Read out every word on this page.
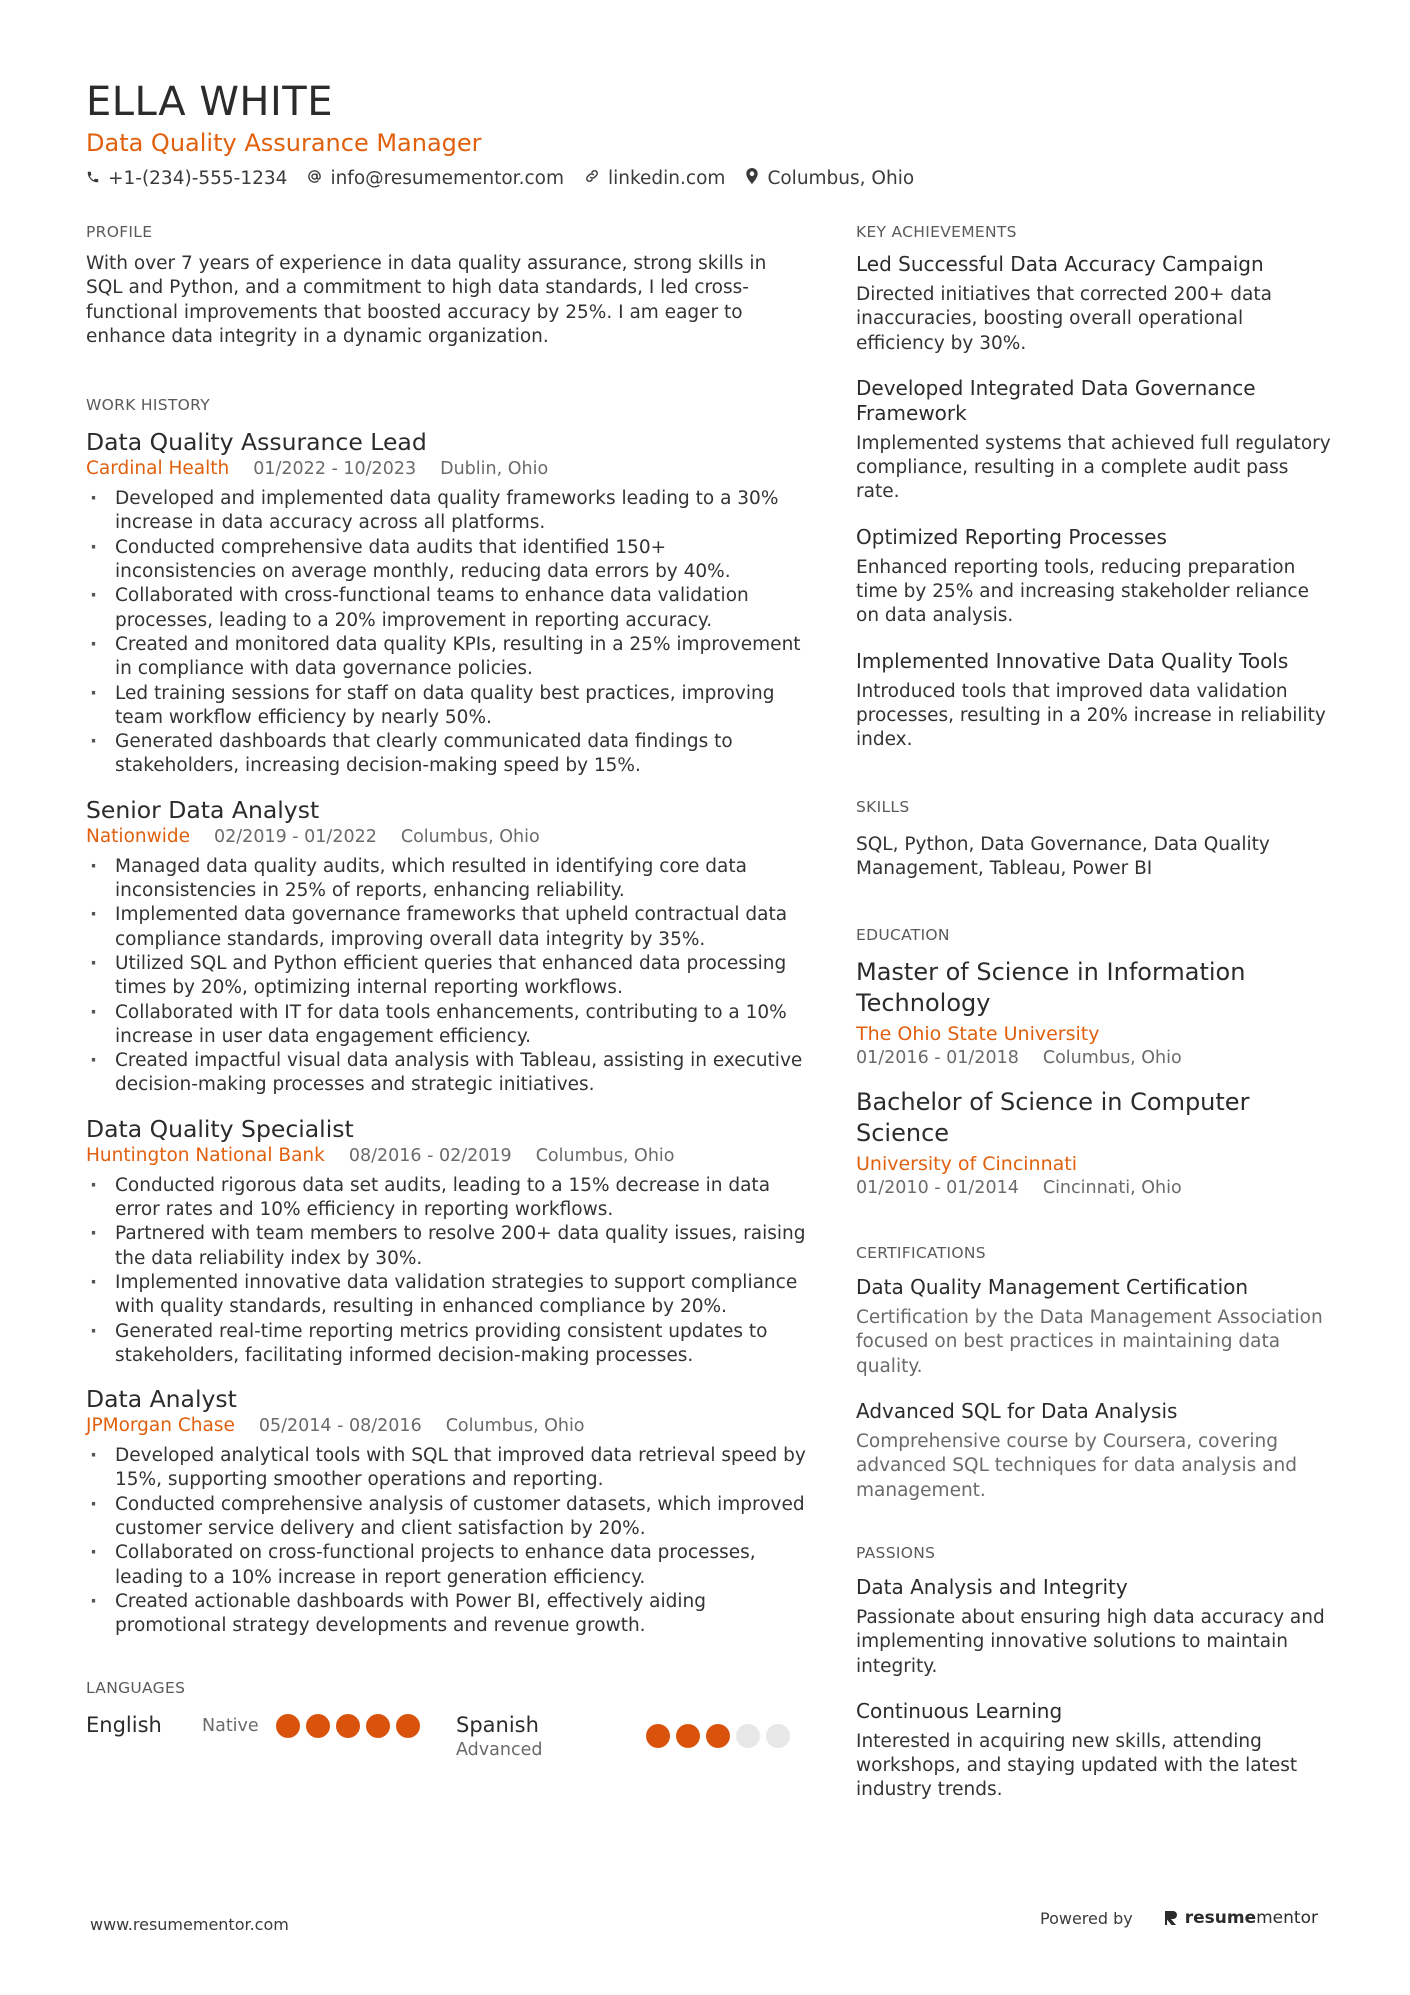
ELLA WHITE
Data Quality Assurance Manager
+1-(234)-555-1234 info@resumementor.com linkedin.com Columbus, Ohio
PROFILE
With over 7 years of experience in data quality assurance, strong skills in SQL and Python, and a commitment to high data standards, I led cross-functional improvements that boosted accuracy by 25%. I am eager to enhance data integrity in a dynamic organization.
WORK HISTORY
Data Quality Assurance Lead
Cardinal Health 01/2022 - 10/2023 Dublin, Ohio
· Developed and implemented data quality frameworks leading to a 30% increase in data accuracy across all platforms.
· Conducted comprehensive data audits that identified 150+ inconsistencies on average monthly, reducing data errors by 40%.
· Collaborated with cross-functional teams to enhance data validation processes, leading to a 20% improvement in reporting accuracy.
· Created and monitored data quality KPIs, resulting in a 25% improvement in compliance with data governance policies.
· Led training sessions for staff on data quality best practices, improving team workflow efficiency by nearly 50%.
· Generated dashboards that clearly communicated data findings to stakeholders, increasing decision-making speed by 15%.
Senior Data Analyst
Nationwide 02/2019 - 01/2022 Columbus, Ohio
· Managed data quality audits, which resulted in identifying core data inconsistencies in 25% of reports, enhancing reliability.
· Implemented data governance frameworks that upheld contractual data compliance standards, improving overall data integrity by 35%.
· Utilized SQL and Python efficient queries that enhanced data processing times by 20%, optimizing internal reporting workflows.
· Collaborated with IT for data tools enhancements, contributing to a 10% increase in user data engagement efficiency.
· Created impactful visual data analysis with Tableau, assisting in executive decision-making processes and strategic initiatives.
Data Quality Specialist
Huntington National Bank 08/2016 - 02/2019 Columbus, Ohio
· Conducted rigorous data set audits, leading to a 15% decrease in data error rates and 10% efficiency in reporting workflows.
· Partnered with team members to resolve 200+ data quality issues, raising the data reliability index by 30%.
· Implemented innovative data validation strategies to support compliance with quality standards, resulting in enhanced compliance by 20%.
· Generated real-time reporting metrics providing consistent updates to stakeholders, facilitating informed decision-making processes.
Data Analyst
JPMorgan Chase 05/2014 - 08/2016 Columbus, Ohio
· Developed analytical tools with SQL that improved data retrieval speed by 15%, supporting smoother operations and reporting.
· Conducted comprehensive analysis of customer datasets, which improved customer service delivery and client satisfaction by 20%.
· Collaborated on cross-functional projects to enhance data processes, leading to a 10% increase in report generation efficiency.
· Created actionable dashboards with Power BI, effectively aiding promotional strategy developments and revenue growth.
LANGUAGES
English	Native	Spanish
Advanced
KEY ACHIEVEMENTS
Led Successful Data Accuracy Campaign
Directed initiatives that corrected 200+ data inaccuracies, boosting overall operational efficiency by 30%.
Developed Integrated Data Governance Framework
Implemented systems that achieved full regulatory compliance, resulting in a complete audit pass rate.
Optimized Reporting Processes
Enhanced reporting tools, reducing preparation time by 25% and increasing stakeholder reliance on data analysis.
Implemented Innovative Data Quality Tools
Introduced tools that improved data validation processes, resulting in a 20% increase in reliability index.
SKILLS
SQL, Python, Data Governance, Data Quality Management, Tableau, Power BI
EDUCATION
Master of Science in Information Technology
The Ohio State University
01/2016 - 01/2018 Columbus, Ohio
Bachelor of Science in Computer Science
University of Cincinnati
01/2010 - 01/2014 Cincinnati, Ohio
CERTIFICATIONS
Data Quality Management Certification
Certification by the Data Management Association focused on best practices in maintaining data quality.
Advanced SQL for Data Analysis
Comprehensive course by Coursera, covering advanced SQL techniques for data analysis and management.
PASSIONS
Data Analysis and Integrity
Passionate about ensuring high data accuracy and implementing innovative solutions to maintain integrity.
Continuous Learning
Interested in acquiring new skills, attending workshops, and staying updated with the latest industry trends.
www.resumementor.com	Powered by	resume mentor
